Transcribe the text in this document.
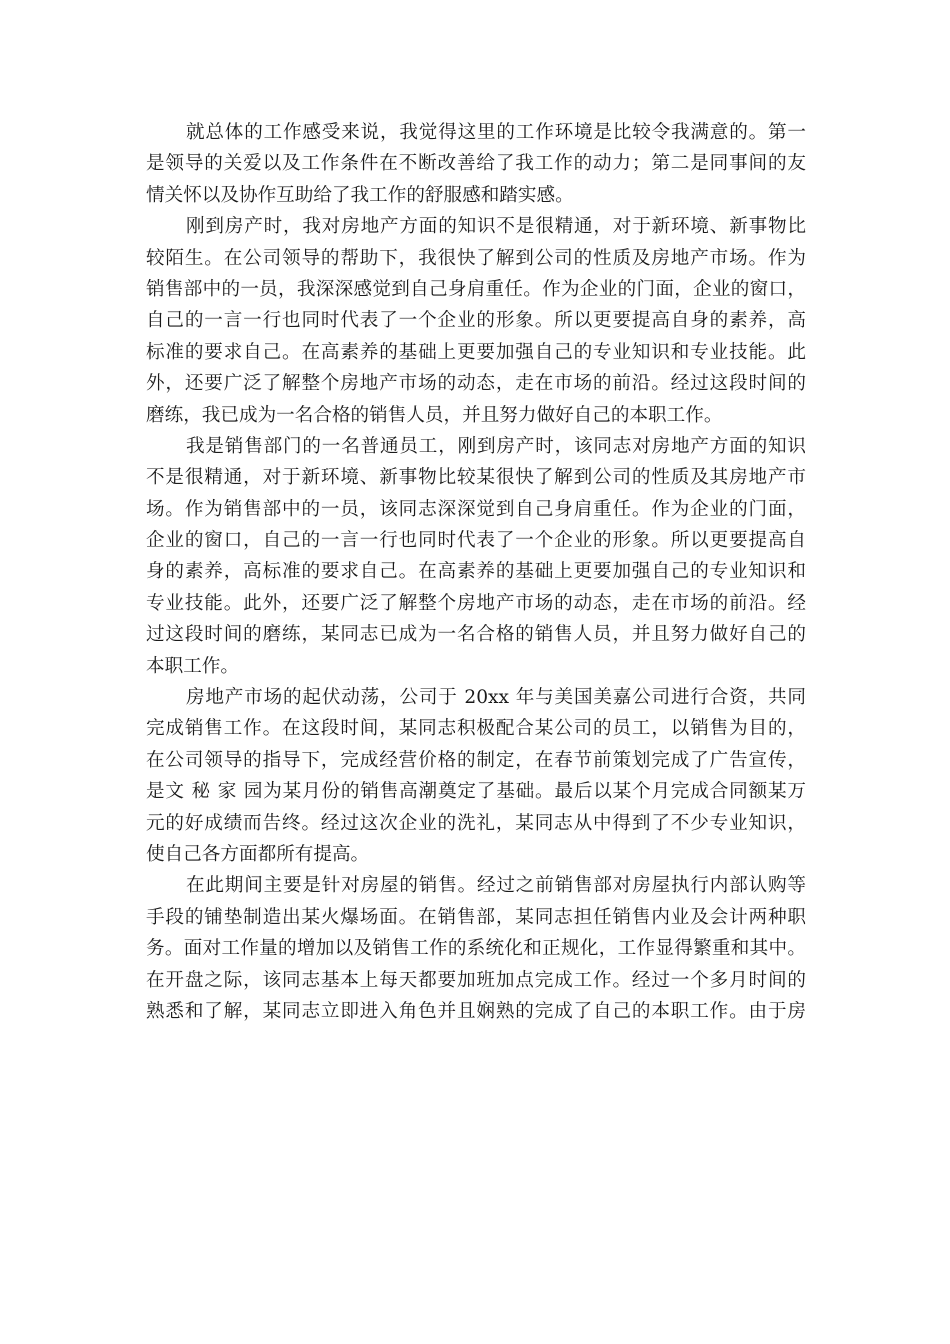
就总体的工作感受来说，我觉得这里的工作环境是比较令我满意的。第一
是领导的关爱以及工作条件在不断改善给了我工作的动力；第二是同事间的友
情关怀以及协作互助给了我工作的舒服感和踏实感。
刚到房产时，我对房地产方面的知识不是很精通，对于新环境、新事物比
较陌生。在公司领导的帮助下，我很快了解到公司的性质及房地产市场。作为
销售部中的一员，我深深感觉到自己身肩重任。作为企业的门面，企业的窗口，
自己的一言一行也同时代表了一个企业的形象。所以更要提高自身的素养，高
标准的要求自己。在高素养的基础上更要加强自己的专业知识和专业技能。此
外，还要广泛了解整个房地产市场的动态，走在市场的前沿。经过这段时间的
磨练，我已成为一名合格的销售人员，并且努力做好自己的本职工作。
我是销售部门的一名普通员工，刚到房产时，该同志对房地产方面的知识
不是很精通，对于新环境、新事物比较某很快了解到公司的性质及其房地产市
场。作为销售部中的一员，该同志深深觉到自己身肩重任。作为企业的门面，
企业的窗口，自己的一言一行也同时代表了一个企业的形象。所以更要提高自
身的素养，高标准的要求自己。在高素养的基础上更要加强自己的专业知识和
专业技能。此外，还要广泛了解整个房地产市场的动态，走在市场的前沿。经
过这段时间的磨练，某同志已成为一名合格的销售人员，并且努力做好自己的
本职工作。
房地产市场的起伏动荡，公司于 20xx 年与美国美嘉公司进行合资，共同
完成销售工作。在这段时间，某同志积极配合某公司的员工，以销售为目的，
在公司领导的指导下，完成经营价格的制定，在春节前策划完成了广告宣传，
是文 秘 家 园为某月份的销售高潮奠定了基础。最后以某个月完成合同额某万
元的好成绩而告终。经过这次企业的洗礼，某同志从中得到了不少专业知识，
使自己各方面都所有提高。
在此期间主要是针对房屋的销售。经过之前销售部对房屋执行内部认购等
手段的铺垫制造出某火爆场面。在销售部，某同志担任销售内业及会计两种职
务。面对工作量的增加以及销售工作的系统化和正规化，工作显得繁重和其中。
在开盘之际，该同志基本上每天都要加班加点完成工作。经过一个多月时间的
熟悉和了解，某同志立即进入角色并且娴熟的完成了自己的本职工作。由于房
